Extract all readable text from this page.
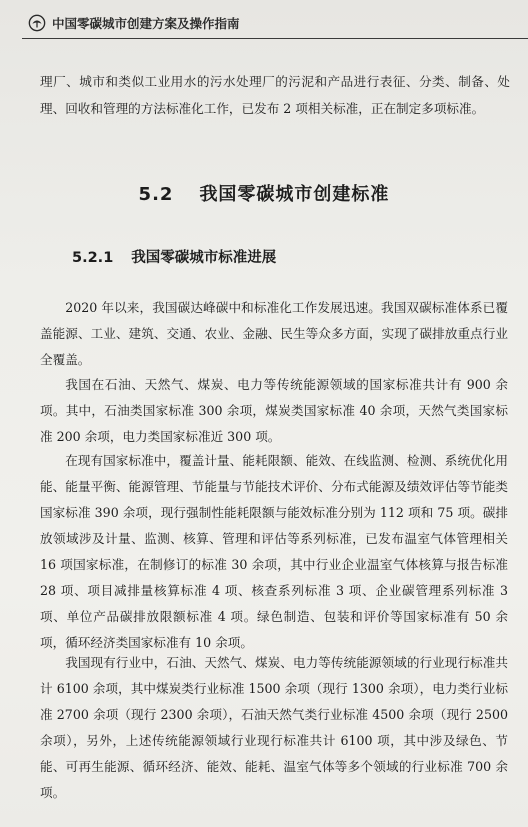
中国零碳城市创建方案及操作指南

理厂、城市和类似工业用水的污水处理厂的污泥和产品进行表征、分类、制备、处理、回收和管理的方法标准化工作，已发布 2 项相关标准，正在制定多项标准。

5.2 我国零碳城市创建标准
5.2.1 我国零碳城市标准进展

2020 年以来，我国碳达峰碳中和标准化工作发展迅速。我国双碳标准体系已覆盖能源、工业、建筑、交通、农业、金融、民生等众多方面，实现了碳排放重点行业全覆盖。

我国在石油、天然气、煤炭、电力等传统能源领域的国家标准共计有 900 余项。其中，石油类国家标准 300 余项，煤炭类国家标准 40 余项，天然气类国家标准 200 余项，电力类国家标准近 300 项。

在现有国家标准中，覆盖计量、能耗限额、能效、在线监测、检测、系统优化用能、能量平衡、能源管理、节能量与节能技术评价、分布式能源及绩效评估等节能类国家标准 390 余项，现行强制性能耗限额与能效标准分别为 112 项和 75 项。碳排放领域涉及计量、监测、核算、管理和评估等系列标准，已发布温室气体管理相关 16 项国家标准，在制修订的标准 30 余项，其中行业企业温室气体核算与报告标准 28 项、项目减排量核算标准 4 项、核查系列标准 3 项、企业碳管理系列标准 3 项、单位产品碳排放限额标准 4 项。绿色制造、包装和评价等国家标准有 50 余项，循环经济类国家标准有 10 余项。

我国现有行业中，石油、天然气、煤炭、电力等传统能源领域的行业现行标准共计 6100 余项，其中煤炭类行业标准 1500 余项（现行 1300 余项），电力类行业标准 2700 余项（现行 2300 余项），石油天然气类行业标准 4500 余项（现行 2500 余项），另外，上述传统能源领域行业现行标准共计 6100 项，其中涉及绿色、节能、可再生能源、循环经济、能效、能耗、温室气体等多个领域的行业标准 700 余项。
